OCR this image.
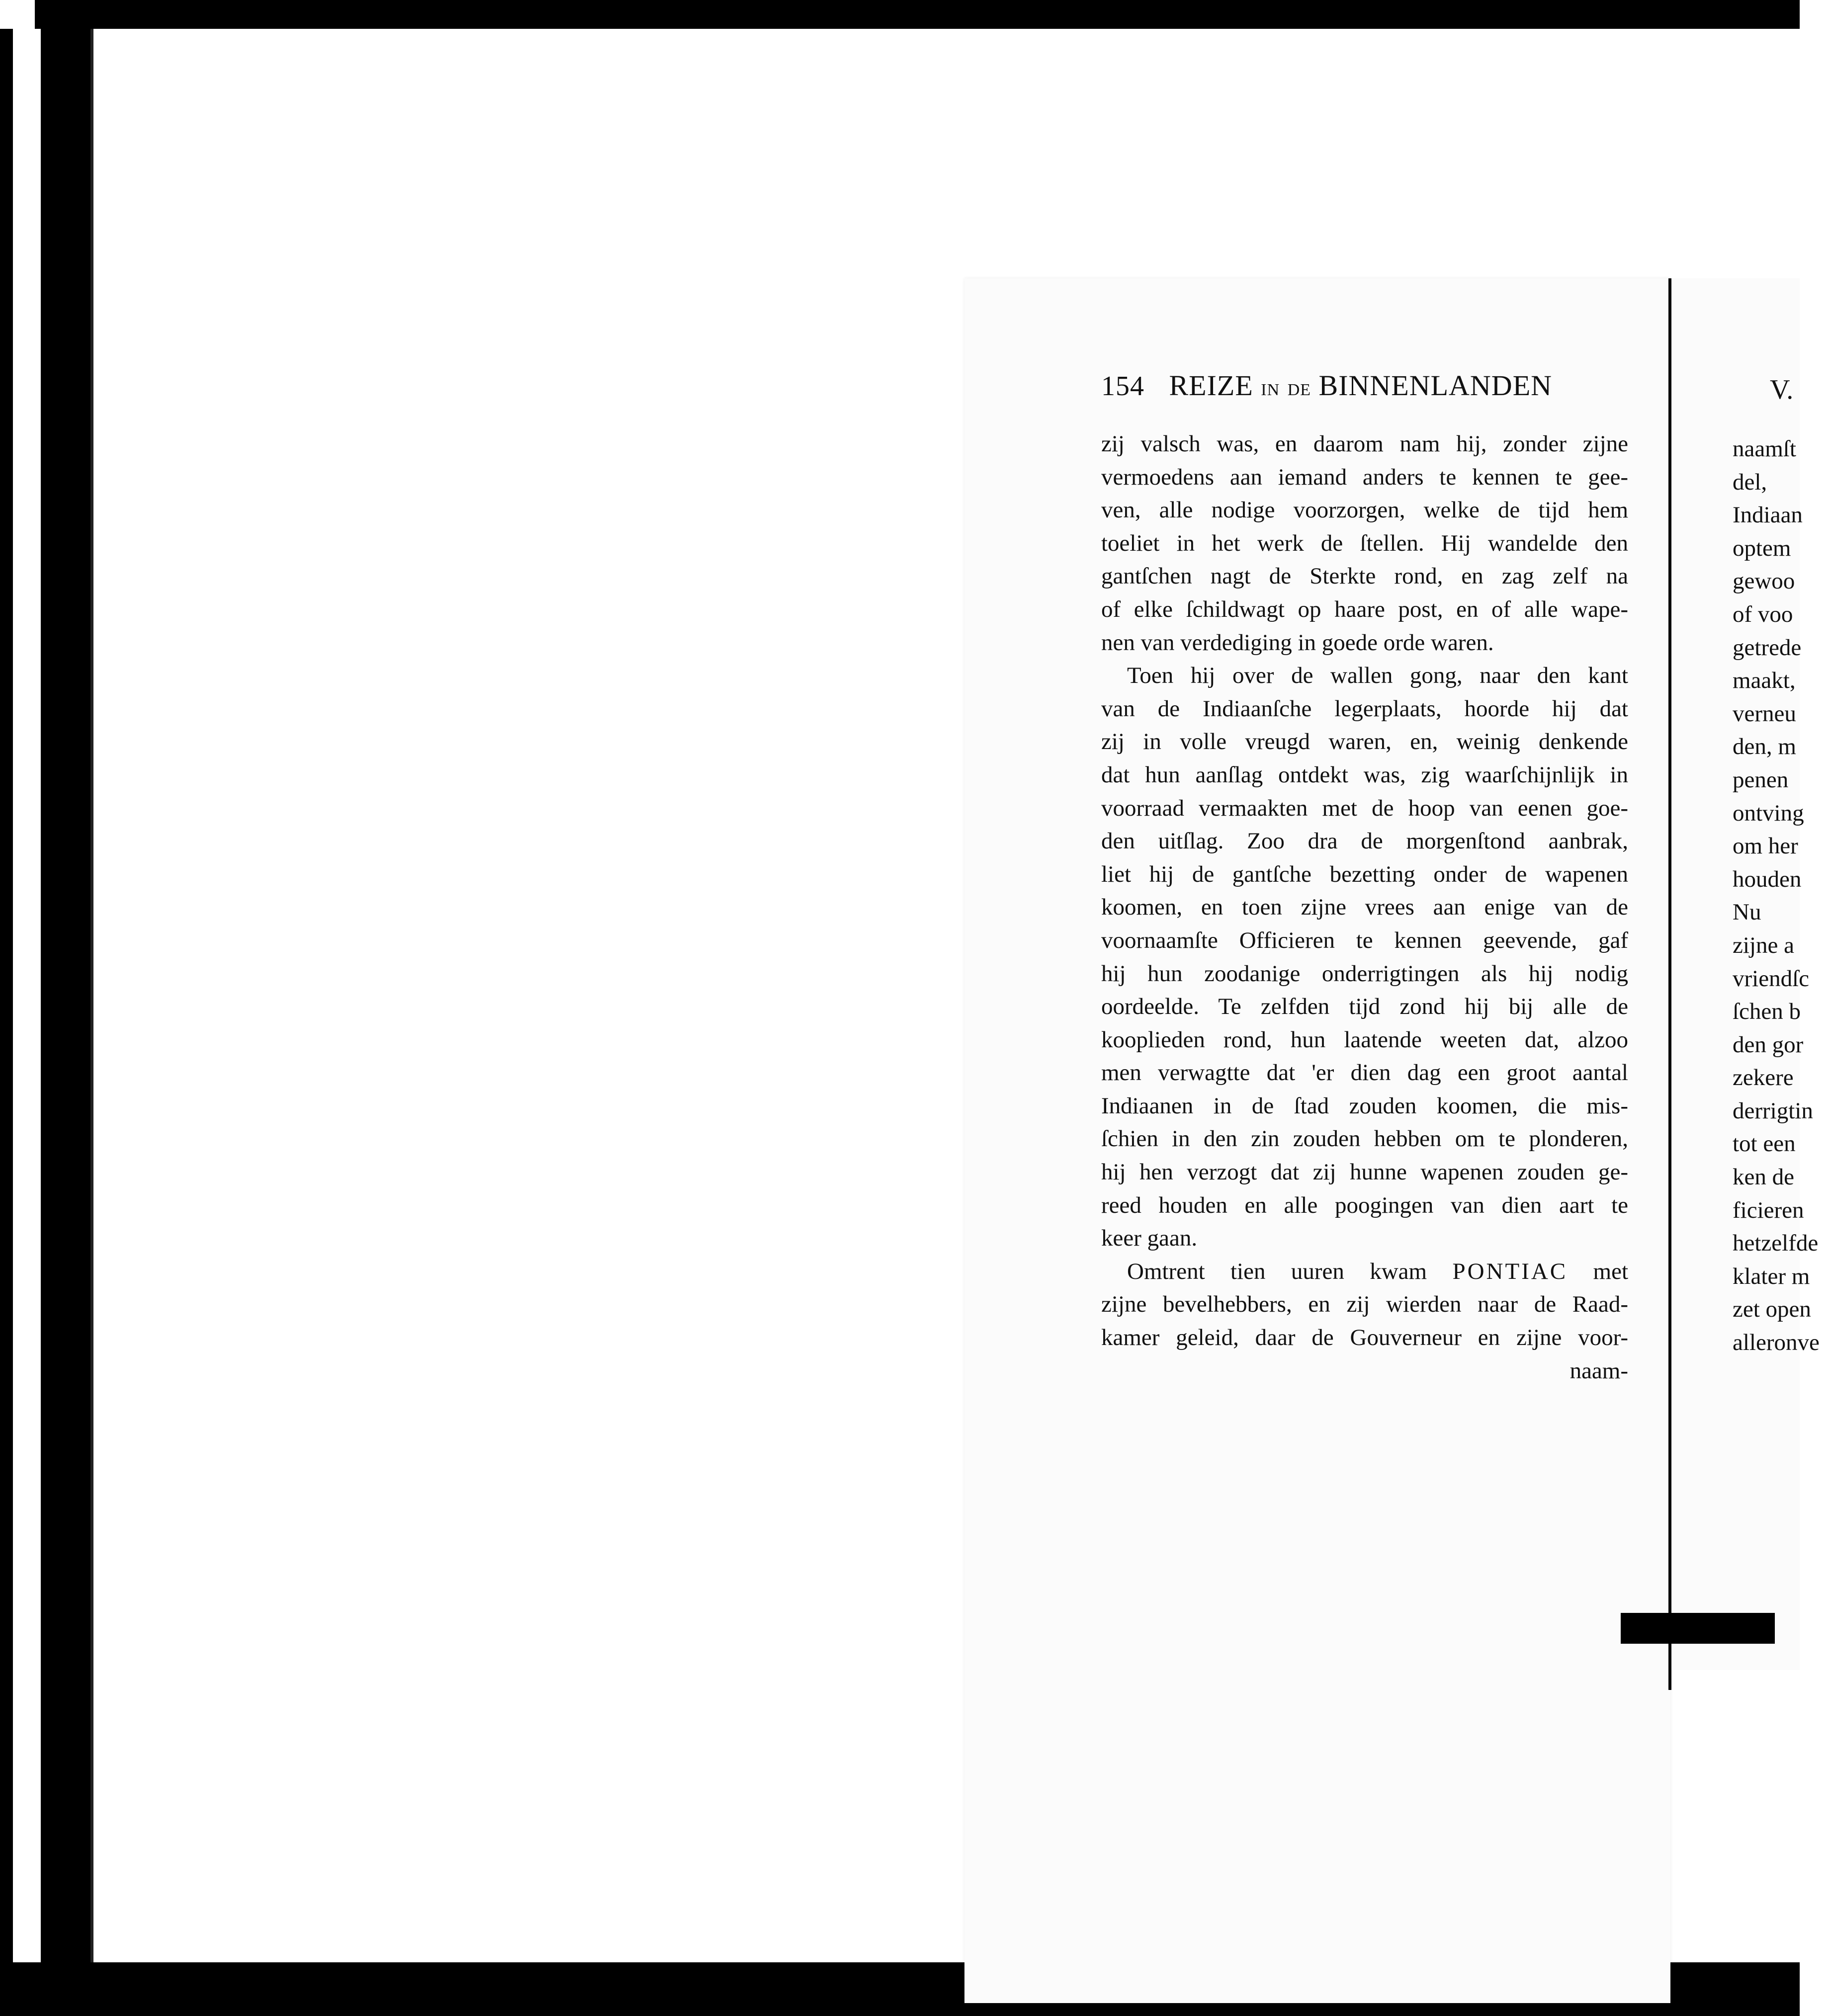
154 REIZE IN DE BINNENLANDEN
zij valsch was, en daarom nam hij, zonder zijne
vermoedens aan iemand anders te kennen te gee-
ven, alle nodige voorzorgen, welke de tijd hem
toeliet in het werk de ſtellen. Hij wandelde den
gantſchen nagt de Sterkte rond, en zag zelf na
of elke ſchildwagt op haare post, en of alle wape-
nen van verdediging in goede orde waren.
Toen hij over de wallen gong, naar den kant
van de Indiaanſche legerplaats, hoorde hij dat
zij in volle vreugd waren, en, weinig denkende
dat hun aanſlag ontdekt was, zig waarſchijnlijk in
voorraad vermaakten met de hoop van eenen goe-
den uitſlag. Zoo dra de morgenſtond aanbrak,
liet hij de gantſche bezetting onder de wapenen
koomen, en toen zijne vrees aan enige van de
voornaamſte Officieren te kennen geevende, gaf
hij hun zoodanige onderrigtingen als hij nodig
oordeelde. Te zelfden tijd zond hij bij alle de
kooplieden rond, hun laatende weeten dat, alzoo
men verwagtte dat 'er dien dag een groot aantal
Indiaanen in de ſtad zouden koomen, die mis-
ſchien in den zin zouden hebben om te plonderen,
hij hen verzogt dat zij hunne wapenen zouden ge-
reed houden en alle poogingen van dien aart te
keer gaan.
Omtrent tien uuren kwam PONTIAC met
zijne bevelhebbers, en zij wierden naar de Raad-
kamer geleid, daar de Gouverneur en zijne voor-
naam-
V.
naamſt
del,
Indiaan
optem
gewoo
of voo
getrede
maakt,
verneu
den, m
penen
ontving
om her
houden
Nu
zijne a
vriendſc
ſchen b
den gor
zekere
derrigtin
tot een
ken de
ficieren
hetzelfde
klater m
zet open
alleronve
